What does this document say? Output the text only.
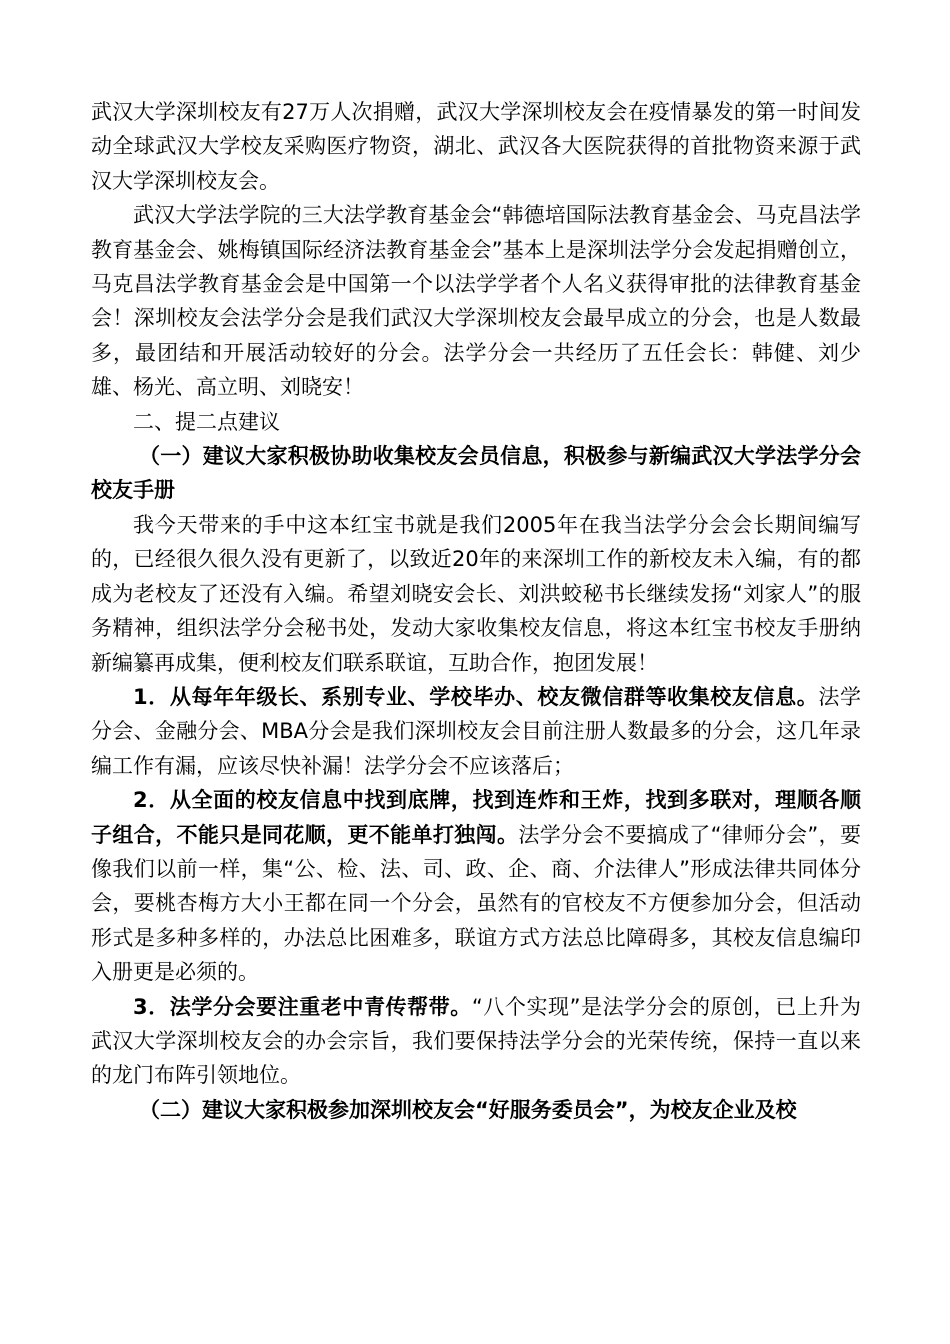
武汉大学深圳校友有27万人次捐赠，武汉大学深圳校友会在疫情暴发的第一时间发动全球武汉大学校友采购医疗物资，湖北、武汉各大医院获得的首批物资来源于武汉大学深圳校友会。

武汉大学法学院的三大法学教育基金会“韩德培国际法教育基金会、马克昌法学教育基金会、姚梅镇国际经济法教育基金会”基本上是深圳法学分会发起捐赠创立，马克昌法学教育基金会是中国第一个以法学学者个人名义获得审批的法律教育基金会！深圳校友会法学分会是我们武汉大学深圳校友会最早成立的分会，也是人数最多，最团结和开展活动较好的分会。法学分会一共经历了五任会长：韩健、刘少雄、杨光、高立明、刘晓安！

二、提二点建议

（一）建议大家积极协助收集校友会员信息，积极参与新编武汉大学法学分会校友手册

我今天带来的手中这本红宝书就是我们2005年在我当法学分会会长期间编写的，已经很久很久没有更新了，以致近20年的来深圳工作的新校友未入编，有的都成为老校友了还没有入编。希望刘晓安会长、刘洪蛟秘书长继续发扬“刘家人”的服务精神，组织法学分会秘书处，发动大家收集校友信息，将这本红宝书校友手册纳新编纂再成集，便利校友们联系联谊，互助合作，抱团发展！

1．从每年年级长、系别专业、学校毕办、校友微信群等收集校友信息。法学分会、金融分会、MBA分会是我们深圳校友会目前注册人数最多的分会，这几年录编工作有漏，应该尽快补漏！法学分会不应该落后；

2．从全面的校友信息中找到底牌，找到连炸和王炸，找到多联对，理顺各顺子组合，不能只是同花顺，更不能单打独闯。法学分会不要搞成了“律师分会”，要像我们以前一样，集“公、检、法、司、政、企、商、介法律人”形成法律共同体分会，要桃杏梅方大小王都在同一个分会，虽然有的官校友不方便参加分会，但活动形式是多种多样的，办法总比困难多，联谊方式方法总比障碍多，其校友信息编印入册更是必须的。

3．法学分会要注重老中青传帮带。“八个实现”是法学分会的原创，已上升为武汉大学深圳校友会的办会宗旨，我们要保持法学分会的光荣传统，保持一直以来的龙门布阵引领地位。

（二）建议大家积极参加深圳校友会“好服务委员会”，为校友企业及校
